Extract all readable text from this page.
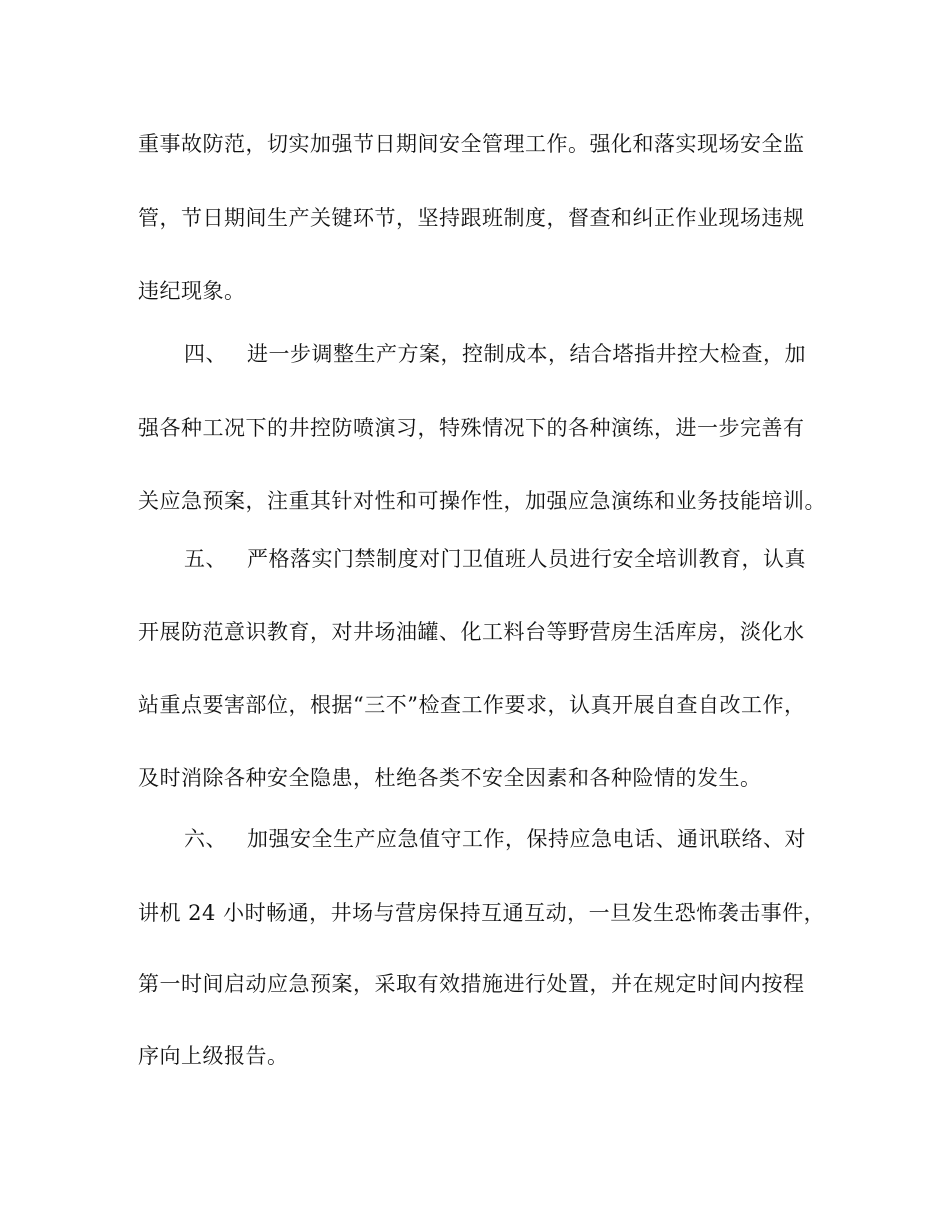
重事故防范，切实加强节日期间安全管理工作。强化和落实现场安全监
管，节日期间生产关键环节，坚持跟班制度，督查和纠正作业现场违规
违纪现象。
四、 进一步调整生产方案，控制成本，结合塔指井控大检查，加
强各种工况下的井控防喷演习，特殊情况下的各种演练，进一步完善有
关应急预案，注重其针对性和可操作性，加强应急演练和业务技能培训。
五、 严格落实门禁制度对门卫值班人员进行安全培训教育，认真
开展防范意识教育，对井场油罐、化工料台等野营房生活库房，淡化水
站重点要害部位，根据“三不”检查工作要求，认真开展自查自改工作，
及时消除各种安全隐患，杜绝各类不安全因素和各种险情的发生。
六、 加强安全生产应急值守工作，保持应急电话、通讯联络、对
讲机 24 小时畅通，井场与营房保持互通互动，一旦发生恐怖袭击事件，
第一时间启动应急预案，采取有效措施进行处置，并在规定时间内按程
序向上级报告。
